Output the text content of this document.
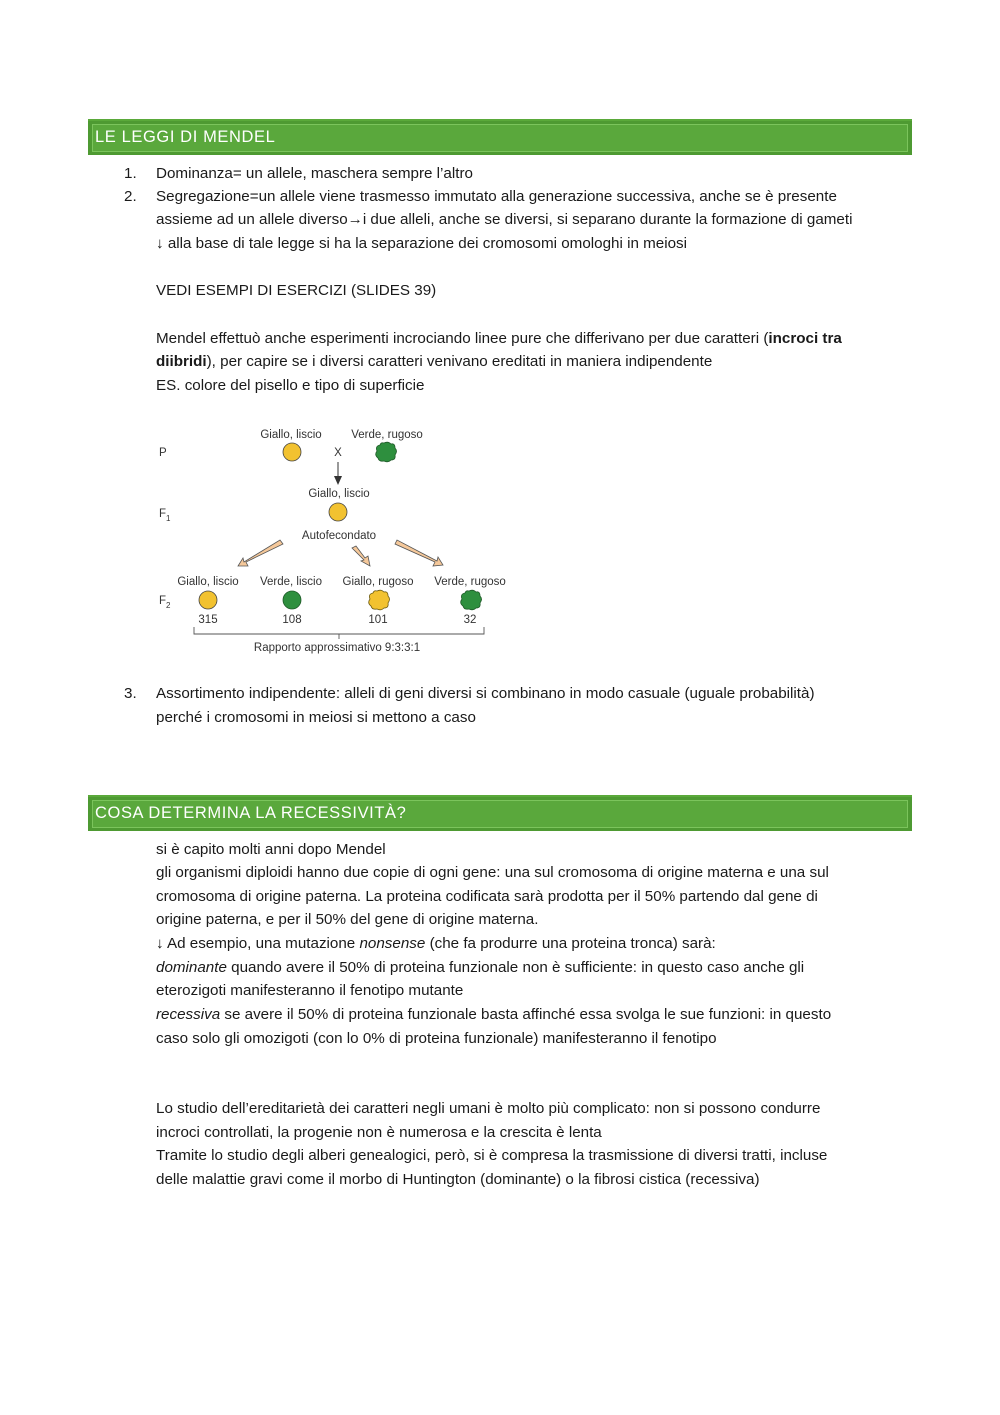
LE LEGGI DI MENDEL
1. Dominanza= un allele, maschera sempre l’altro
2. Segregazione=un allele viene trasmesso immutato alla generazione successiva, anche se è presente
assieme ad un allele diverso→i due alleli, anche se diversi, si separano durante la formazione di gameti
↓ alla base di tale legge si ha la separazione dei cromosomi omologhi in meiosi
VEDI ESEMPI DI ESERCIZI (SLIDES 39)
Mendel effettuò anche esperimenti incrociando linee pure che differivano per due caratteri (incroci tra
diibridi), per capire se i diversi caratteri venivano ereditati in maniera indipendente
ES. colore del pisello e tipo di superficie
P
$F_1$
$F_2$
Giallo, liscio	Verde, rugoso
X
Giallo, liscio
Autofecondato
Giallo, liscio Verde, liscio Giallo, rugoso Verde, rugoso
315	108	101	32
Rapporto approssimativo 9:3:3:1
3. Assortimento indipendente: alleli di geni diversi si combinano in modo casuale (uguale probabilità)
perché i cromosomi in meiosi si mettono a caso
COSA DETERMINA LA RECESSIVITÀ?
si è capito molti anni dopo Mendel
gli organismi diploidi hanno due copie di ogni gene: una sul cromosoma di origine materna e una sul
cromosoma di origine paterna. La proteina codificata sarà prodotta per il 50% partendo dal gene di
origine paterna, e per il 50% del gene di origine materna.
↓ Ad esempio, una mutazione nonsense (che fa produrre una proteina tronca) sarà:
dominante quando avere il 50% di proteina funzionale non è sufficiente: in questo caso anche gli
eterozigoti manifesteranno il fenotipo mutante
recessiva se avere il 50% di proteina funzionale basta affinché essa svolga le sue funzioni: in questo
caso solo gli omozigoti (con lo 0% di proteina funzionale) manifesteranno il fenotipo
Lo studio dell’ereditarietà dei caratteri negli umani è molto più complicato: non si possono condurre
incroci controllati, la progenie non è numerosa e la crescita è lenta
Tramite lo studio degli alberi genealogici, però, si è compresa la trasmissione di diversi tratti, incluse
delle malattie gravi come il morbo di Huntington (dominante) o la fibrosi cistica (recessiva)
